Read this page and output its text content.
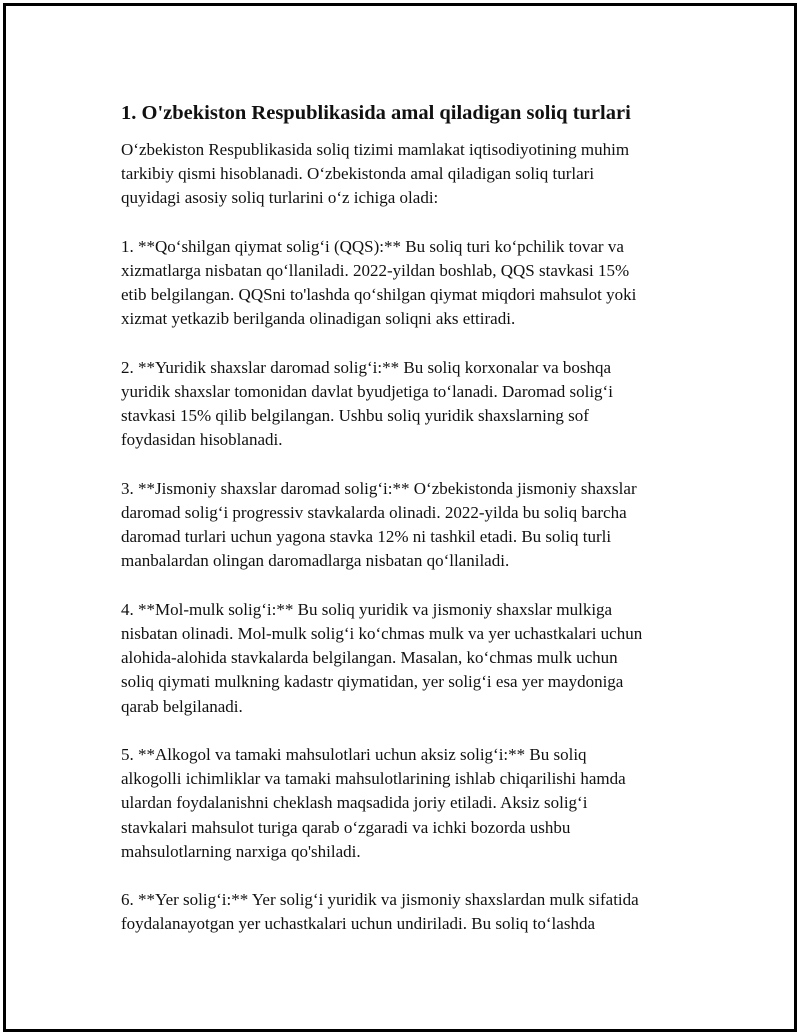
1. O'zbekiston Respublikasida amal qiladigan soliq turlari
O‘zbekiston Respublikasida soliq tizimi mamlakat iqtisodiyotining muhim
tarkibiy qismi hisoblanadi. O‘zbekistonda amal qiladigan soliq turlari
quyidagi asosiy soliq turlarini o‘z ichiga oladi:
1. **Qo‘shilgan qiymat solig‘i (QQS):** Bu soliq turi ko‘pchilik tovar va
xizmatlarga nisbatan qo‘llaniladi. 2022-yildan boshlab, QQS stavkasi 15%
etib belgilangan. QQSni to'lashda qo‘shilgan qiymat miqdori mahsulot yoki
xizmat yetkazib berilganda olinadigan soliqni aks ettiradi.
2. **Yuridik shaxslar daromad solig‘i:** Bu soliq korxonalar va boshqa
yuridik shaxslar tomonidan davlat byudjetiga to‘lanadi. Daromad solig‘i
stavkasi 15% qilib belgilangan. Ushbu soliq yuridik shaxslarning sof
foydasidan hisoblanadi.
3. **Jismoniy shaxslar daromad solig‘i:** O‘zbekistonda jismoniy shaxslar
daromad solig‘i progressiv stavkalarda olinadi. 2022-yilda bu soliq barcha
daromad turlari uchun yagona stavka 12% ni tashkil etadi. Bu soliq turli
manbalardan olingan daromadlarga nisbatan qo‘llaniladi.
4. **Mol-mulk solig‘i:** Bu soliq yuridik va jismoniy shaxslar mulkiga
nisbatan olinadi. Mol-mulk solig‘i ko‘chmas mulk va yer uchastkalari uchun
alohida-alohida stavkalarda belgilangan. Masalan, ko‘chmas mulk uchun
soliq qiymati mulkning kadastr qiymatidan, yer solig‘i esa yer maydoniga
qarab belgilanadi.
5. **Alkogol va tamaki mahsulotlari uchun aksiz solig‘i:** Bu soliq
alkogolli ichimliklar va tamaki mahsulotlarining ishlab chiqarilishi hamda
ulardan foydalanishni cheklash maqsadida joriy etiladi. Aksiz solig‘i
stavkalari mahsulot turiga qarab o‘zgaradi va ichki bozorda ushbu
mahsulotlarning narxiga qo'shiladi.
6. **Yer solig‘i:** Yer solig‘i yuridik va jismoniy shaxslardan mulk sifatida
foydalanayotgan yer uchastkalari uchun undiriladi. Bu soliq to‘lashda
